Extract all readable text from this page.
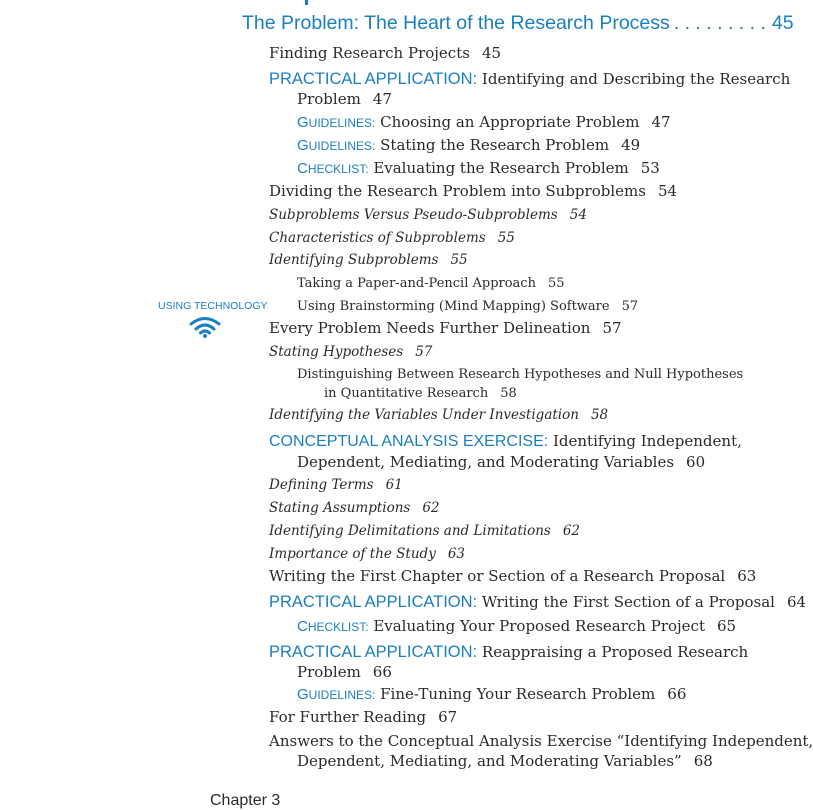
The Problem: The Heart of the Research Process . . . . . . . . . 45
USING TECHNOLOGY
Finding Research Projects 45
PRACTICAL APPLICATION: Identifying and Describing the Research
Problem 47
GUIDELINES: Choosing an Appropriate Problem 47
GUIDELINES: Stating the Research Problem 49
CHECKLIST: Evaluating the Research Problem 53
Dividing the Research Problem into Subproblems 54
Subproblems Versus Pseudo-Subproblems 54
Characteristics of Subproblems 55
Identifying Subproblems 55
Taking a Paper-and-Pencil Approach 55
Using Brainstorming (Mind Mapping) Software 57
Every Problem Needs Further Delineation 57
Stating Hypotheses 57
Distinguishing Between Research Hypotheses and Null Hypotheses
in Quantitative Research 58
Identifying the Variables Under Investigation 58
CONCEPTUAL ANALYSIS EXERCISE: Identifying Independent,
Dependent, Mediating, and Moderating Variables 60
Defining Terms 61
Stating Assumptions 62
Identifying Delimitations and Limitations 62
Importance of the Study 63
Writing the First Chapter or Section of a Research Proposal 63
PRACTICAL APPLICATION: Writing the First Section of a Proposal 64
CHECKLIST: Evaluating Your Proposed Research Project 65
PRACTICAL APPLICATION: Reappraising a Proposed Research
Problem 66
GUIDELINES: Fine-Tuning Your Research Problem 66
For Further Reading 67
Answers to the Conceptual Analysis Exercise “Identifying Independent,
Dependent, Mediating, and Moderating Variables” 68
Chapter 3
